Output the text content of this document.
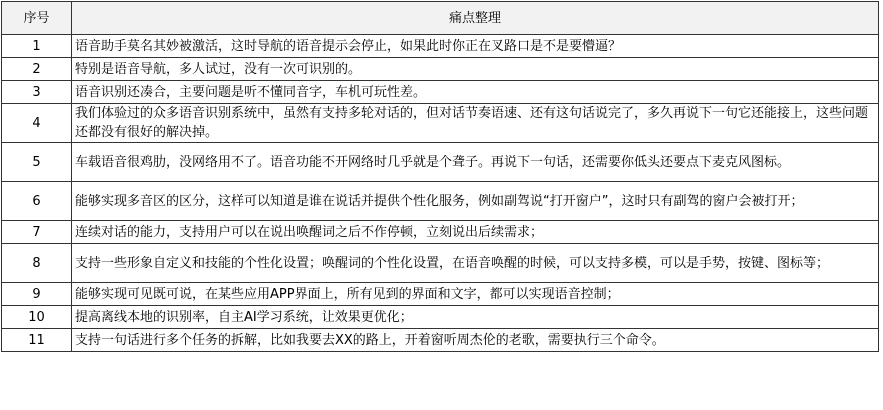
序号	痛点整理
1	语音助手莫名其妙被激活，这时导航的语音提示会停止，如果此时你正在叉路口是不是要懵逼？
2	特别是语音导航，多人试过，没有一次可识别的。
3	语音识别还凑合，主要问题是听不懂同音字，车机可玩性差。
4	我们体验过的众多语音识别系统中，虽然有支持多轮对话的，但对话节奏语速、还有这句话说完了，多久再说下一句它还能接上，这些问题还都没有很好的解决掉。
5	车载语音很鸡肋，没网络用不了。语音功能不开网络时几乎就是个聋子。再说下一句话，还需要你低头还要点下麦克风图标。
6	能够实现多音区的区分，这样可以知道是谁在说话并提供个性化服务，例如副驾说“打开窗户”，这时只有副驾的窗户会被打开；
7	连续对话的能力，支持用户可以在说出唤醒词之后不作停顿，立刻说出后续需求；
8	支持一些形象自定义和技能的个性化设置；唤醒词的个性化设置，在语音唤醒的时候，可以支持多模，可以是手势，按键、图标等；
9	能够实现可见既可说，在某些应用APP界面上，所有见到的界面和文字，都可以实现语音控制；
10	提高离线本地的识别率，自主AI学习系统，让效果更优化；
11	支持一句话进行多个任务的拆解，比如我要去XX的路上，开着窗听周杰伦的老歌，需要执行三个命令。
